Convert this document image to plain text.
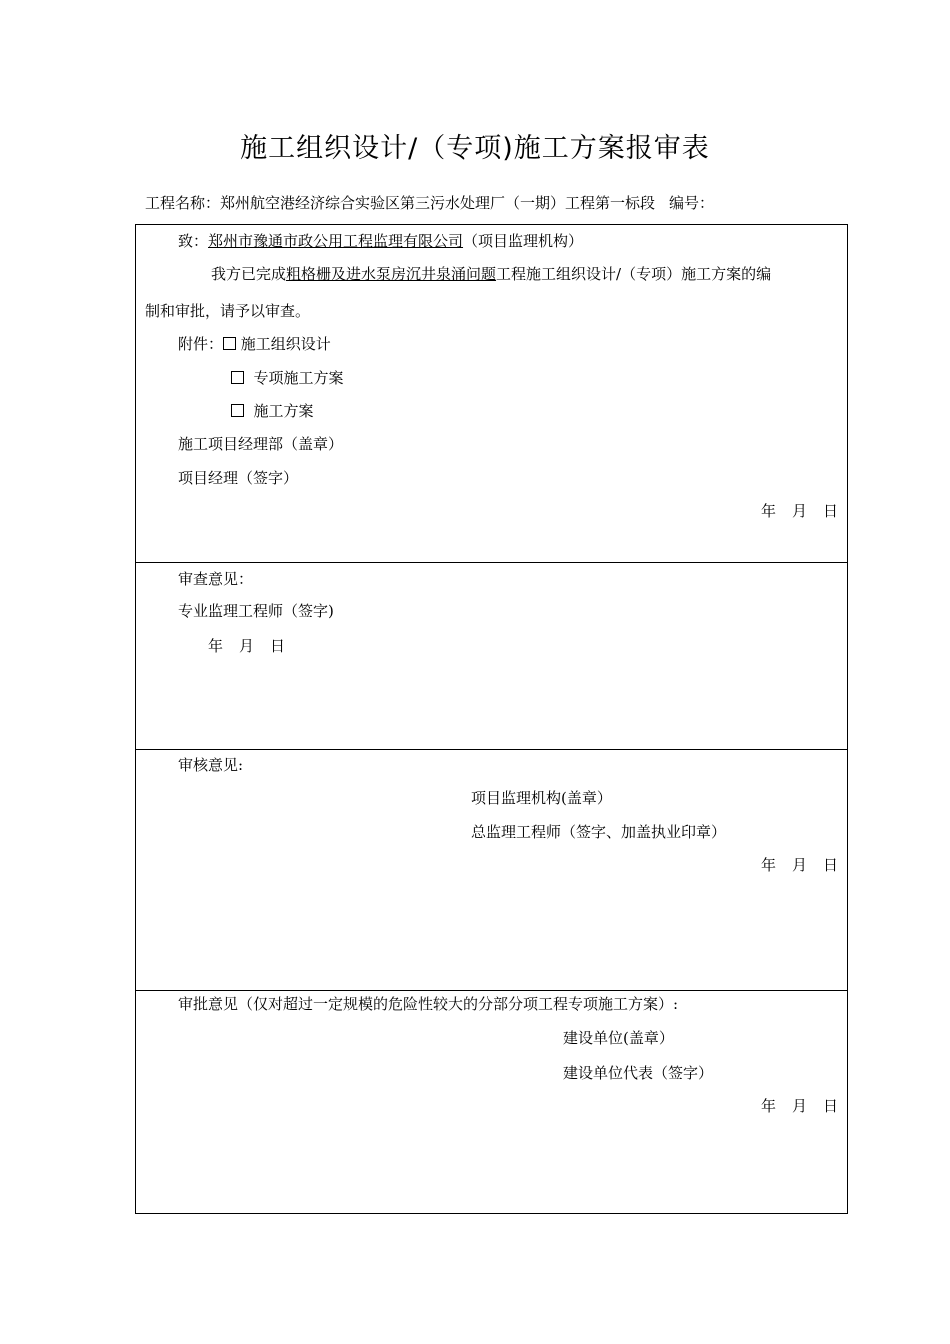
施工组织设计/（专项)施工方案报审表
工程名称：郑州航空港经济综合实验区第三污水处理厂（一期）工程第一标段 编号：
致：郑州市豫通市政公用工程监理有限公司（项目监理机构）
我方已完成粗格栅及进水泵房沉井泉涌问题工程施工组织设计/（专项）施工方案的编
制和审批，请予以审查。
附件： 施工组织设计
专项施工方案
施工方案
施工项目经理部（盖章）
项目经理（签字）
年 月 日
审查意见：
专业监理工程师（签字)
年 月 日
审核意见:
项目监理机构(盖章）
总监理工程师（签字、加盖执业印章）
年 月 日
审批意见（仅对超过一定规模的危险性较大的分部分项工程专项施工方案）:
建设单位(盖章）
建设单位代表（签字）
年 月 日
